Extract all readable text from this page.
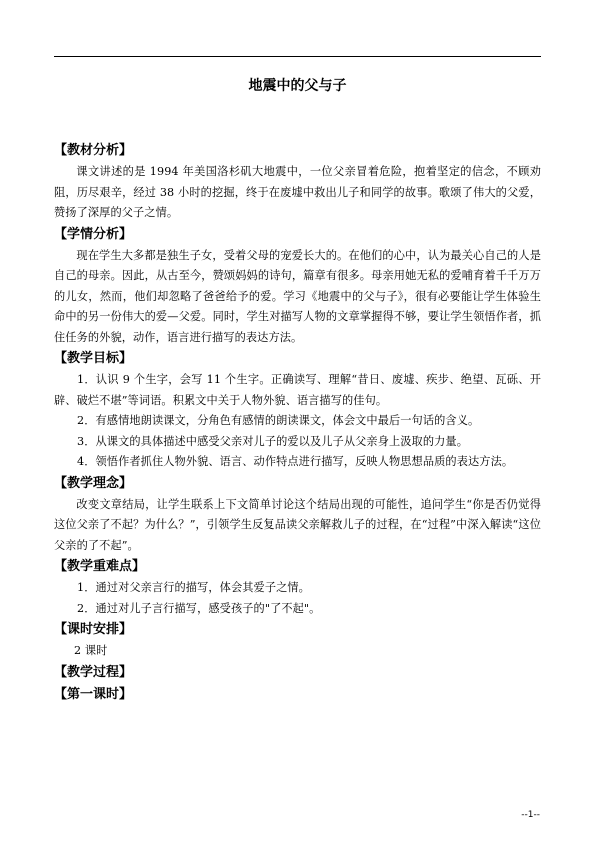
地震中的父与子

【教材分析】

课文讲述的是 1994 年美国洛杉矶大地震中，一位父亲冒着危险，抱着坚定的信念，不顾劝阻，历尽艰辛，经过 38 小时的挖掘，终于在废墟中救出儿子和同学的故事。歌颂了伟大的父爱，赞扬了深厚的父子之情。

【学情分析】

现在学生大多都是独生子女，受着父母的宠爱长大的。在他们的心中，认为最关心自己的人是自己的母亲。因此，从古至今，赞颂妈妈的诗句，篇章有很多。母亲用她无私的爱哺育着千千万万的儿女，然而，他们却忽略了爸爸给予的爱。学习《地震中的父与子》，很有必要能让学生体验生命中的另一份伟大的爱—父爱。同时，学生对描写人物的文章掌握得不够，要让学生领悟作者，抓住任务的外貌，动作，语言进行描写的表达方法。

【教学目标】

1．认识 9 个生字，会写 11 个生字。正确读写、理解“昔日、废墟、疾步、绝望、瓦砾、开辟、破烂不堪”等词语。积累文中关于人物外貌、语言描写的佳句。

2．有感情地朗读课文，分角色有感情的朗读课文，体会文中最后一句话的含义。

3．从课文的具体描述中感受父亲对儿子的爱以及儿子从父亲身上汲取的力量。

4．领悟作者抓住人物外貌、语言、动作特点进行描写，反映人物思想品质的表达方法。

【教学理念】

改变文章结局，让学生联系上下文简单讨论这个结局出现的可能性，追问学生“你是否仍觉得这位父亲了不起？为什么？”，引领学生反复品读父亲解救儿子的过程，在“过程”中深入解读“这位父亲的了不起”。

【教学重难点】

1．通过对父亲言行的描写，体会其爱子之情。

2．通过对儿子言行描写，感受孩子的"了不起"。

【课时安排】

2 课时

【教学过程】

【第一课时】

--1--
